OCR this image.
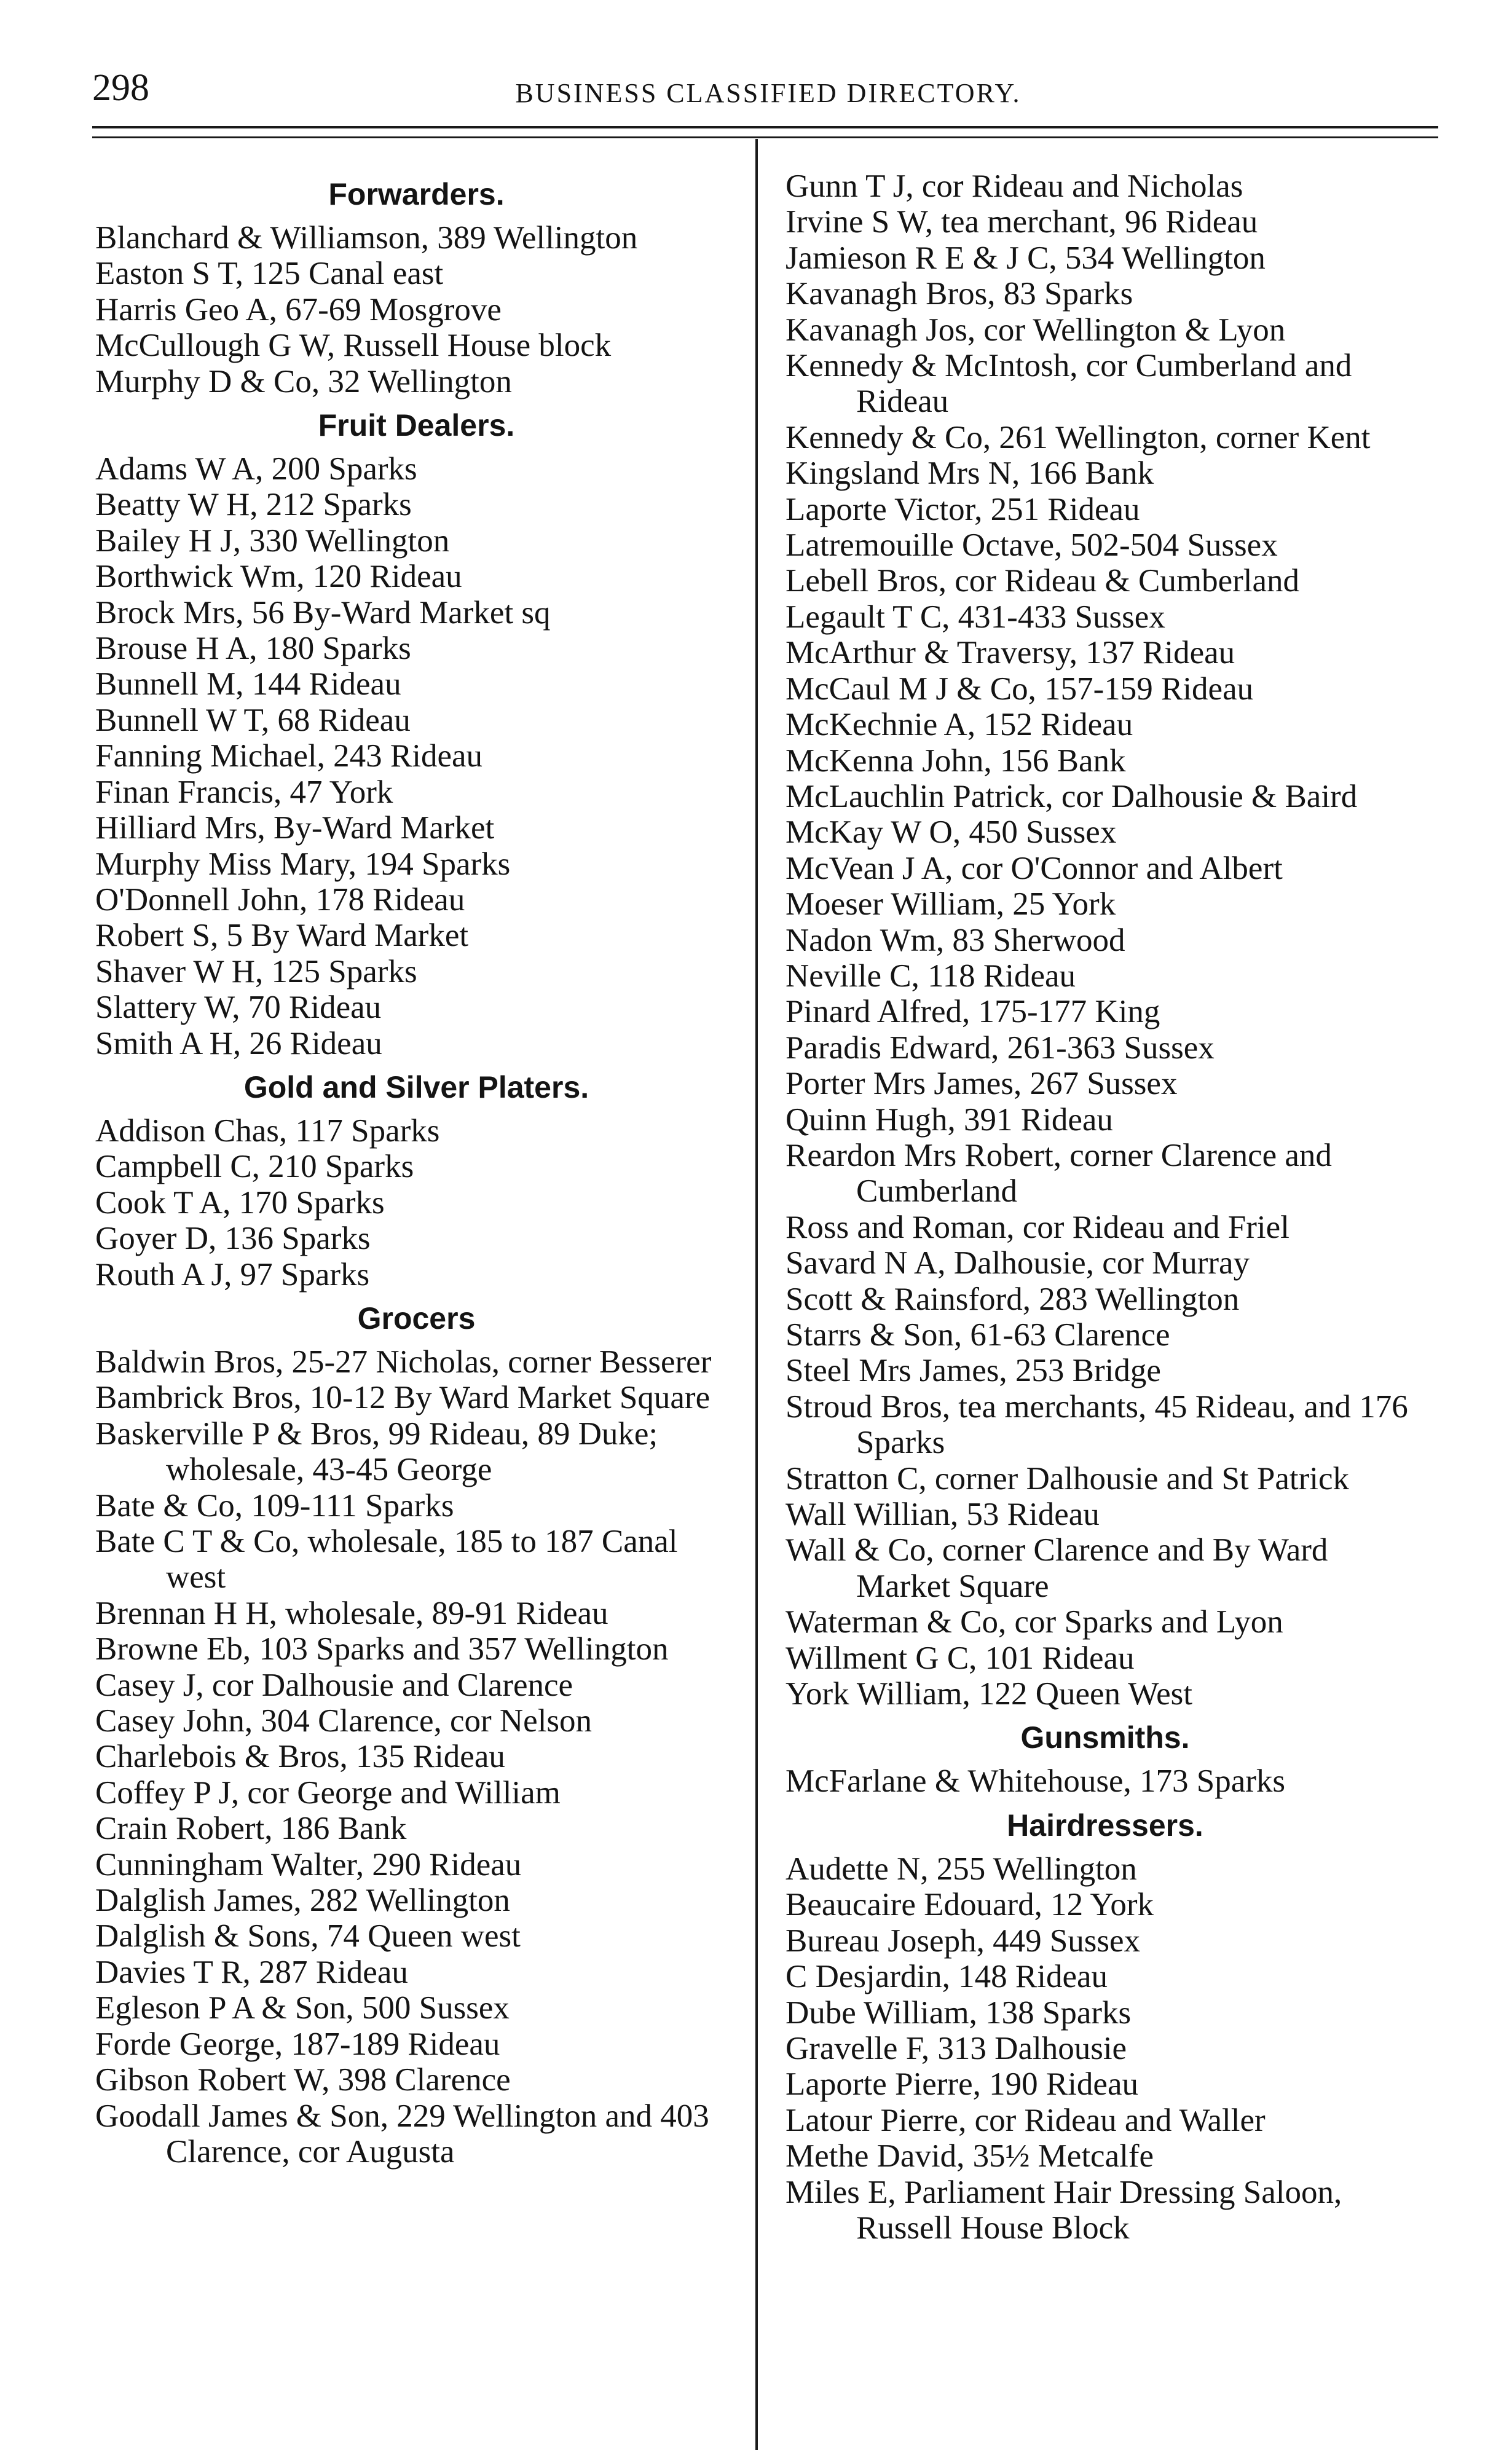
298	BUSINESS CLASSIFIED DIRECTORY.
Forwarders.
Blanchard & Williamson, 389 Wellington
Easton S T, 125 Canal east
Harris Geo A, 67-69 Mosgrove
McCullough G W, Russell House block
Murphy D & Co, 32 Wellington
Fruit Dealers.
Adams W A, 200 Sparks
Beatty W H, 212 Sparks
Bailey H J, 330 Wellington
Borthwick Wm, 120 Rideau
Brock Mrs, 56 By-Ward Market sq
Brouse H A, 180 Sparks
Bunnell M, 144 Rideau
Bunnell W T, 68 Rideau
Fanning Michael, 243 Rideau
Finan Francis, 47 York
Hilliard Mrs, By-Ward Market
Murphy Miss Mary, 194 Sparks
O'Donnell John, 178 Rideau
Robert S, 5 By Ward Market
Shaver W H, 125 Sparks
Slattery W, 70 Rideau
Smith A H, 26 Rideau
Gold and Silver Platers.
Addison Chas, 117 Sparks
Campbell C, 210 Sparks
Cook T A, 170 Sparks
Goyer D, 136 Sparks
Routh A J, 97 Sparks
Grocers
Baldwin Bros, 25-27 Nicholas, corner Besserer
Bambrick Bros, 10-12 By Ward Market Square
Baskerville P & Bros, 99 Rideau, 89 Duke; wholesale, 43-45 George
Bate & Co, 109-111 Sparks
Bate C T & Co, wholesale, 185 to 187 Canal west
Brennan H H, wholesale, 89-91 Rideau
Browne Eb, 103 Sparks and 357 Wellington
Casey J, cor Dalhousie and Clarence
Casey John, 304 Clarence, cor Nelson
Charlebois & Bros, 135 Rideau
Coffey P J, cor George and William
Crain Robert, 186 Bank
Cunningham Walter, 290 Rideau
Dalglish James, 282 Wellington
Dalglish & Sons, 74 Queen west
Davies T R, 287 Rideau
Egleson P A & Son, 500 Sussex
Forde George, 187-189 Rideau
Gibson Robert W, 398 Clarence
Goodall James & Son, 229 Wellington and 403 Clarence, cor Augusta
Gunn T J, cor Rideau and Nicholas
Irvine S W, tea merchant, 96 Rideau
Jamieson R E & J C, 534 Wellington
Kavanagh Bros, 83 Sparks
Kavanagh Jos, cor Wellington & Lyon
Kennedy & McIntosh, cor Cumberland and Rideau
Kennedy & Co, 261 Wellington, corner Kent
Kingsland Mrs N, 166 Bank
Laporte Victor, 251 Rideau
Latremouille Octave, 502-504 Sussex
Lebell Bros, cor Rideau & Cumberland
Legault T C, 431-433 Sussex
McArthur & Traversy, 137 Rideau
McCaul M J & Co, 157-159 Rideau
McKechnie A, 152 Rideau
McKenna John, 156 Bank
McLauchlin Patrick, cor Dalhousie & Baird
McKay W O, 450 Sussex
McVean J A, cor O'Connor and Albert
Moeser William, 25 York
Nadon Wm, 83 Sherwood
Neville C, 118 Rideau
Pinard Alfred, 175-177 King
Paradis Edward, 261-363 Sussex
Porter Mrs James, 267 Sussex
Quinn Hugh, 391 Rideau
Reardon Mrs Robert, corner Clarence and Cumberland
Ross and Roman, cor Rideau and Friel
Savard N A, Dalhousie, cor Murray
Scott & Rainsford, 283 Wellington
Starrs & Son, 61-63 Clarence
Steel Mrs James, 253 Bridge
Stroud Bros, tea merchants, 45 Rideau, and 176 Sparks
Stratton C, corner Dalhousie and St Patrick
Wall Willian, 53 Rideau
Wall & Co, corner Clarence and By Ward Market Square
Waterman & Co, cor Sparks and Lyon
Willment G C, 101 Rideau
York William, 122 Queen West
Gunsmiths.
McFarlane & Whitehouse, 173 Sparks
Hairdressers.
Audette N, 255 Wellington
Beaucaire Edouard, 12 York
Bureau Joseph, 449 Sussex
C Desjardin, 148 Rideau
Dube William, 138 Sparks
Gravelle F, 313 Dalhousie
Laporte Pierre, 190 Rideau
Latour Pierre, cor Rideau and Waller
Methe David, 35½ Metcalfe
Miles E, Parliament Hair Dressing Saloon, Russell House Block
